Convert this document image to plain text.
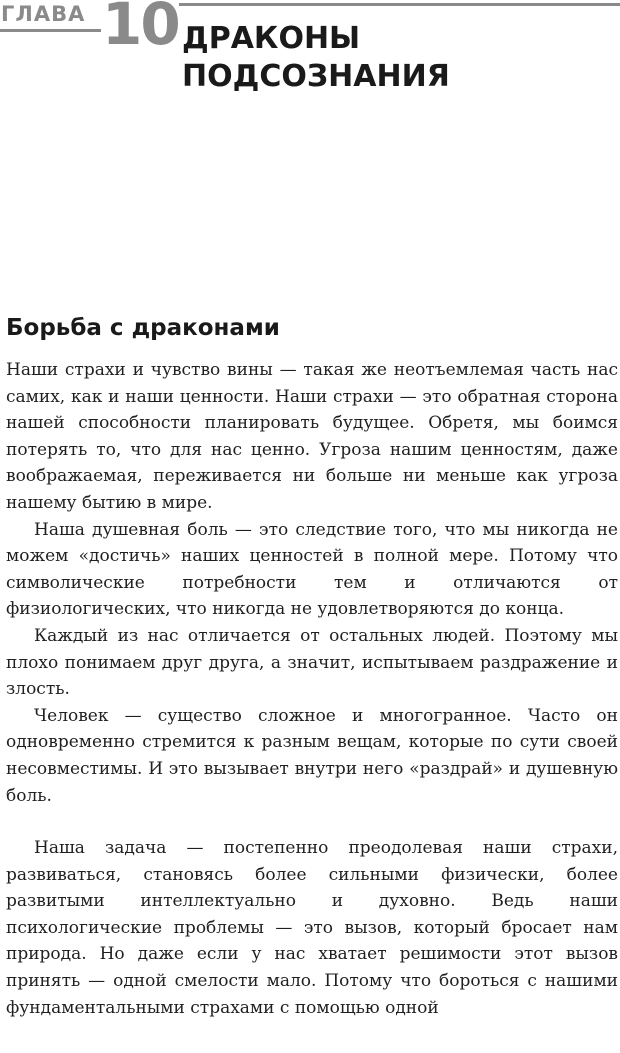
ГЛАВА 10 ДРАКОНЫ
ПОДСОЗНАНИЯ
Борьба с драконами

Наши страхи и чувство вины — такая же неотъемлемая часть нас самих, как и наши ценности. Наши страхи — это обратная сторона нашей способности планировать будущее. Обретя, мы боимся потерять то, что для нас ценно. Угроза нашим ценностям, даже воображаемая, переживается ни больше ни меньше как угроза нашему бытию в мире.

Наша душевная боль — это следствие того, что мы никогда не можем «достичь» наших ценностей в полной мере. Потому что символические потребности тем и отличаются от физиологических, что никогда не удовлетворяются до конца.

Каждый из нас отличается от остальных людей. Поэтому мы плохо понимаем друг друга, а значит, испытываем раздражение и злость.

Человек — существо сложное и многогранное. Часто он одновременно стремится к разным вещам, которые по сути своей несовместимы. И это вызывает внутри него «раздрай» и душевную боль.

Наша задача — постепенно преодолевая наши страхи, развиваться, становясь более сильными физически, более развитыми интеллектуально и духовно. Ведь наши психологические проблемы — это вызов, который бросает нам природа. Но даже если у нас хватает решимости этот вызов принять — одной смелости мало. Потому что бороться с нашими фундаментальными страхами с помощью одной
